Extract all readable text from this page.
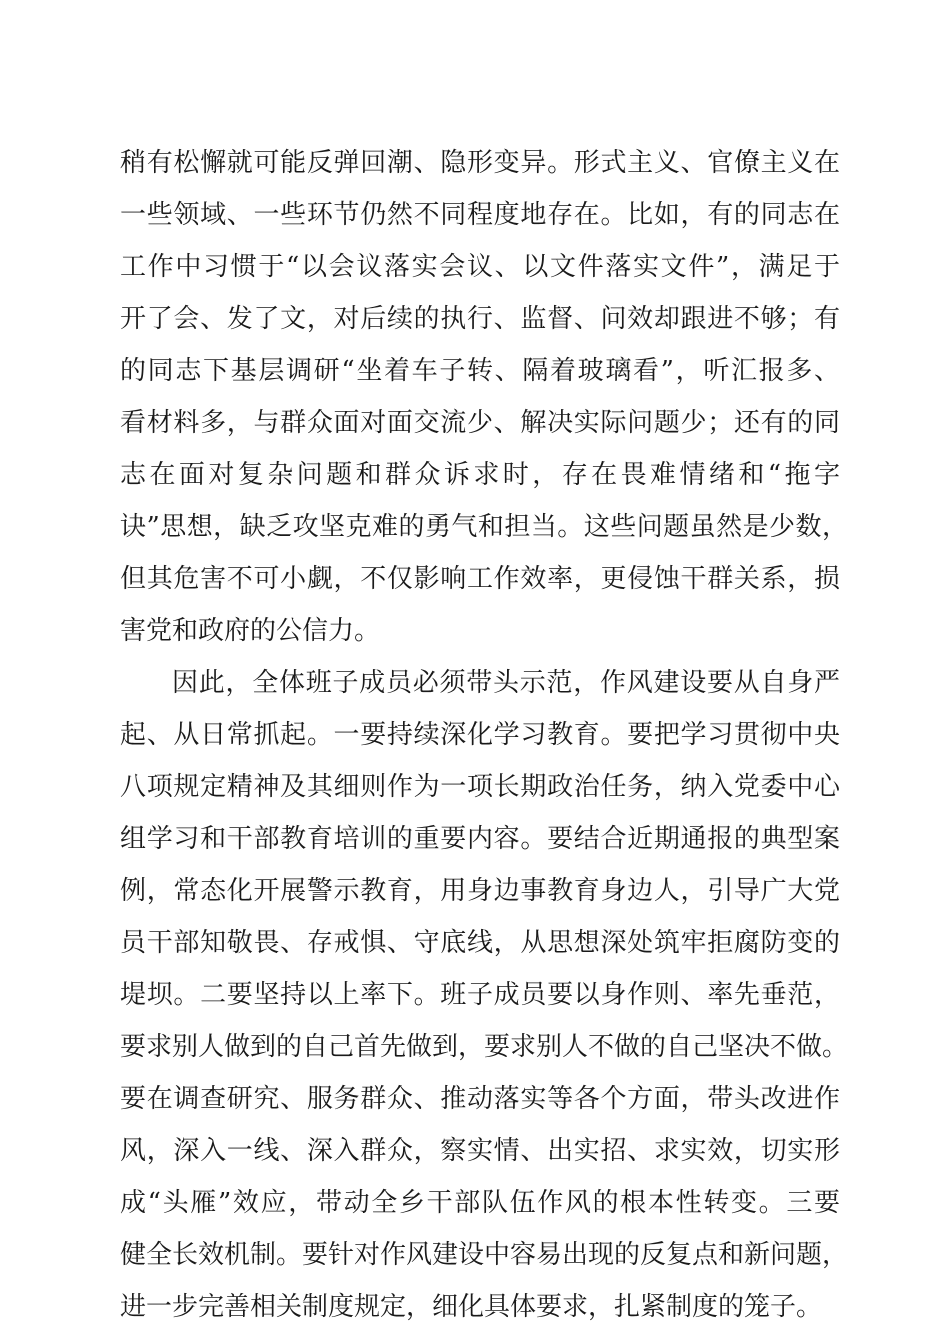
稍有松懈就可能反弹回潮、隐形变异。形式主义、官僚主义在
一些领域、一些环节仍然不同程度地存在。比如，有的同志在
工作中习惯于“以会议落实会议、以文件落实文件”，满足于
开了会、发了文，对后续的执行、监督、问效却跟进不够；有
的同志下基层调研“坐着车子转、隔着玻璃看”，听汇报多、
看材料多，与群众面对面交流少、解决实际问题少；还有的同
志在面对复杂问题和群众诉求时，存在畏难情绪和“拖字
诀”思想，缺乏攻坚克难的勇气和担当。这些问题虽然是少数，
但其危害不可小觑，不仅影响工作效率，更侵蚀干群关系，损
害党和政府的公信力。
因此，全体班子成员必须带头示范，作风建设要从自身严
起、从日常抓起。一要持续深化学习教育。要把学习贯彻中央
八项规定精神及其细则作为一项长期政治任务，纳入党委中心
组学习和干部教育培训的重要内容。要结合近期通报的典型案
例，常态化开展警示教育，用身边事教育身边人，引导广大党
员干部知敬畏、存戒惧、守底线，从思想深处筑牢拒腐防变的
堤坝。二要坚持以上率下。班子成员要以身作则、率先垂范，
要求别人做到的自己首先做到，要求别人不做的自己坚决不做。
要在调查研究、服务群众、推动落实等各个方面，带头改进作
风，深入一线、深入群众，察实情、出实招、求实效，切实形
成“头雁”效应，带动全乡干部队伍作风的根本性转变。三要
健全长效机制。要针对作风建设中容易出现的反复点和新问题，
进一步完善相关制度规定，细化具体要求，扎紧制度的笼子。
